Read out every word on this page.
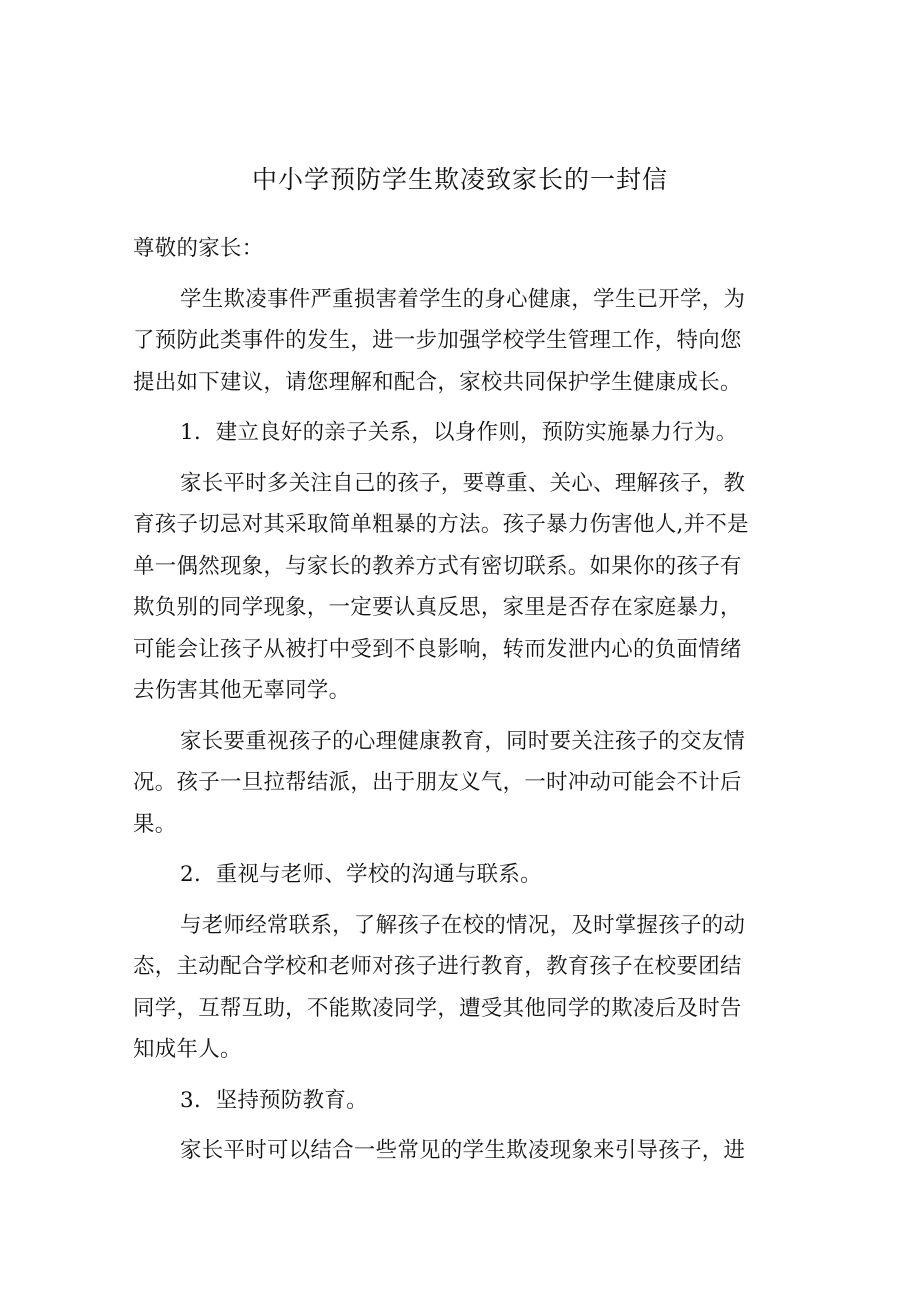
中小学预防学生欺凌致家长的一封信
尊敬的家长：
学生欺凌事件严重损害着学生的身心健康，学生已开学，为
了预防此类事件的发生，进一步加强学校学生管理工作，特向您
提出如下建议，请您理解和配合，家校共同保护学生健康成长。
1．建立良好的亲子关系，以身作则，预防实施暴力行为。
家长平时多关注自己的孩子，要尊重、关心、理解孩子，教
育孩子切忌对其采取简单粗暴的方法。孩子暴力伤害他人,并不是
单一偶然现象，与家长的教养方式有密切联系。如果你的孩子有
欺负别的同学现象，一定要认真反思，家里是否存在家庭暴力，
可能会让孩子从被打中受到不良影响，转而发泄内心的负面情绪
去伤害其他无辜同学。
家长要重视孩子的心理健康教育，同时要关注孩子的交友情
况。孩子一旦拉帮结派，出于朋友义气，一时冲动可能会不计后
果。
2．重视与老师、学校的沟通与联系。
与老师经常联系，了解孩子在校的情况，及时掌握孩子的动
态，主动配合学校和老师对孩子进行教育，教育孩子在校要团结
同学，互帮互助，不能欺凌同学，遭受其他同学的欺凌后及时告
知成年人。
3．坚持预防教育。
家长平时可以结合一些常见的学生欺凌现象来引导孩子，进
